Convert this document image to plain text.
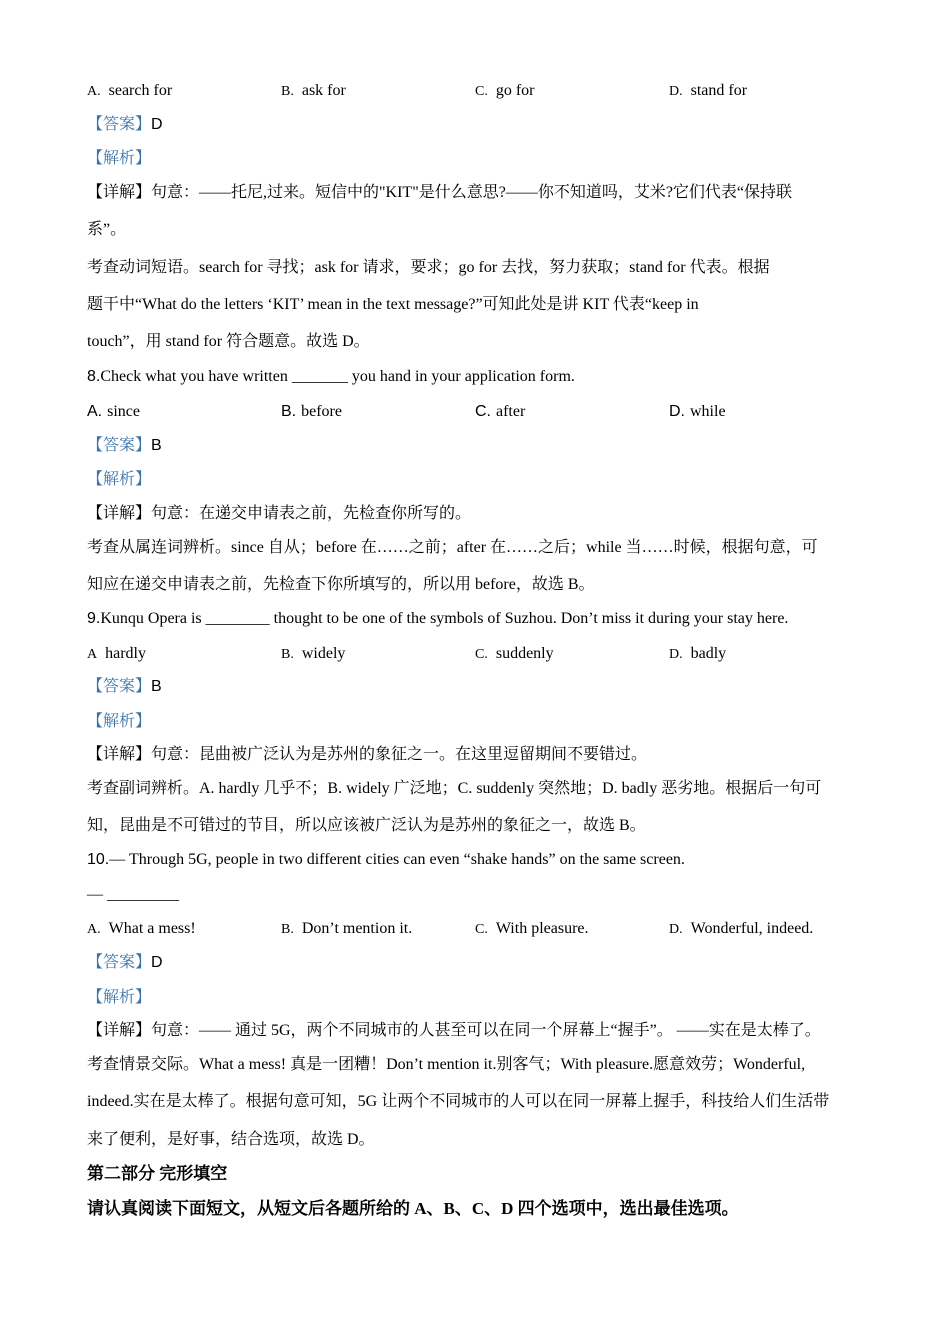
A. search for	B. ask for	C. go for	D. stand for
【答案】D
【解析】
【详解】句意：——托尼,过来。短信中的"KIT"是什么意思?——你不知道吗，艾米?它们代表“保持联
系”。
考查动词短语。search for 寻找；ask for 请求，要求；go for 去找，努力获取；stand for 代表。根据
题干中“What do the letters ‘KIT’ mean in the text message?”可知此处是讲 KIT 代表“keep in
touch”，用 stand for 符合题意。故选 D。
8.Check what you have written _______ you hand in your application form.
A. since	B. before	C. after	D. while
【答案】B
【解析】
【详解】句意：在递交申请表之前，先检查你所写的。
考查从属连词辨析。since 自从；before 在……之前；after 在……之后；while 当……时候，根据句意，可
知应在递交申请表之前，先检查下你所填写的，所以用 before，故选 B。
9.Kunqu Opera is ________ thought to be one of the symbols of Suzhou. Don’t miss it during your stay here.
A hardly	B. widely	C. suddenly	D. badly
【答案】B
【解析】
【详解】句意：昆曲被广泛认为是苏州的象征之一。在这里逗留期间不要错过。
考查副词辨析。A. hardly 几乎不；B. widely 广泛地；C. suddenly 突然地；D. badly 恶劣地。根据后一句可
知，昆曲是不可错过的节目，所以应该被广泛认为是苏州的象征之一，故选 B。
10.— Through 5G, people in two different cities can even “shake hands” on the same screen.
— _________
A. What a mess!	B. Don’t mention it.	C. With pleasure.	D. Wonderful, indeed.
【答案】D
【解析】
【详解】句意：—— 通过 5G，两个不同城市的人甚至可以在同一个屏幕上“握手”。 ——实在是太棒了。
考查情景交际。What a mess! 真是一团糟！Don’t mention it.别客气；With pleasure.愿意效劳；Wonderful,
indeed.实在是太棒了。根据句意可知，5G 让两个不同城市的人可以在同一屏幕上握手，科技给人们生活带
来了便利，是好事，结合选项，故选 D。
第二部分 完形填空
请认真阅读下面短文，从短文后各题所给的 A、B、C、D 四个选项中，选出最佳选项。
